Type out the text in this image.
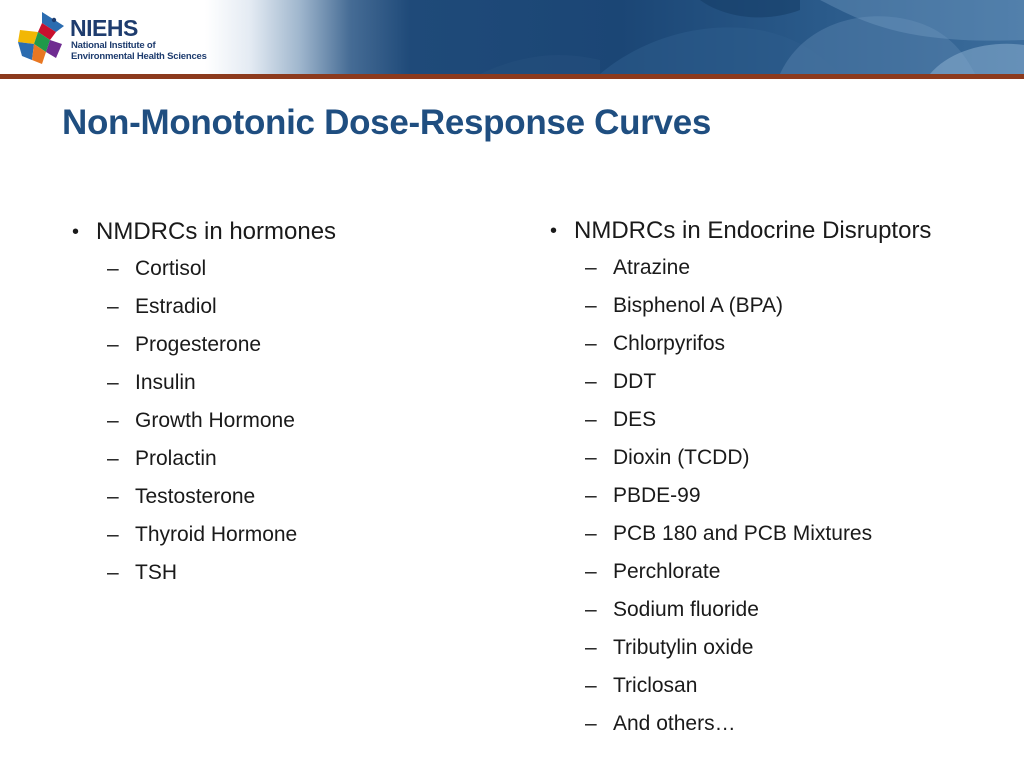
NIEHS
National Institute of
Environmental Health Sciences
Non-Monotonic Dose-Response Curves
• NMDRCs in hormones
– Cortisol
– Estradiol
– Progesterone
– Insulin
– Growth Hormone
– Prolactin
– Testosterone
– Thyroid Hormone
– TSH
• NMDRCs in Endocrine Disruptors
– Atrazine
– Bisphenol A (BPA)
– Chlorpyrifos
– DDT
– DES
– Dioxin (TCDD)
– PBDE-99
– PCB 180 and PCB Mixtures
– Perchlorate
– Sodium fluoride
– Tributylin oxide
– Triclosan
– And others…
